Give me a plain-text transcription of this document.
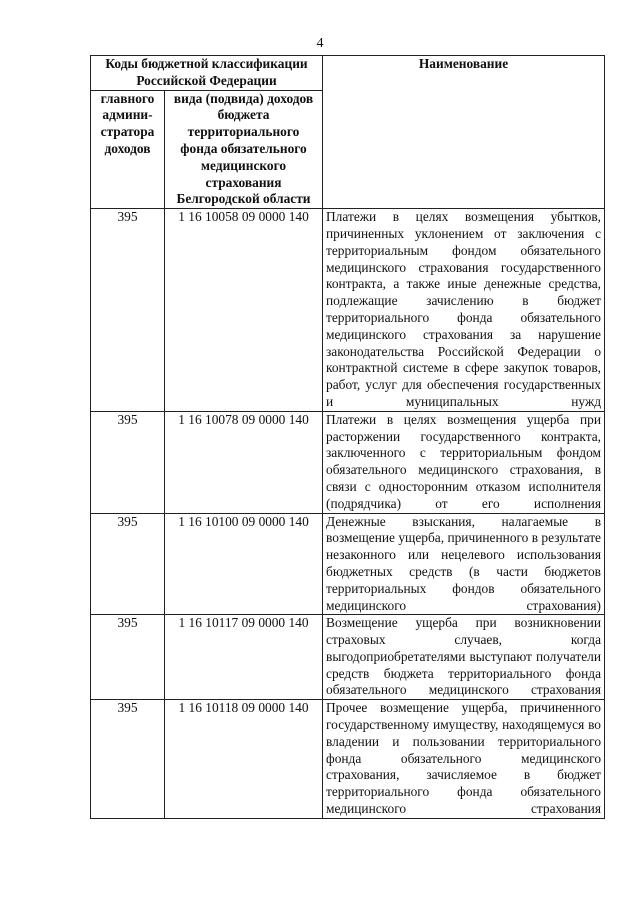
4
Коды бюджетной классификации Российской Федерации		Наименование
главного админи-стратора доходов	вида (подвида) доходов бюджета территориального фонда обязательного медицинского страхования Белгородской области	
395	1 16 10058 09 0000 140	Платежи в целях возмещения убытков, причиненных уклонением от заключения с территориальным фондом обязательного медицинского страхования государственного контракта, а также иные денежные средства, подлежащие зачислению в бюджет территориального фонда обязательного медицинского страхования за нарушение законодательства Российской Федерации о контрактной системе в сфере закупок товаров, работ, услуг для обеспечения государственных и муниципальных нужд

395	1 16 10078 09 0000 140	Платежи в целях возмещения ущерба при расторжении государственного контракта, заключенного с территориальным фондом обязательного медицинского страхования, в связи с односторонним отказом исполнителя (подрядчика) от его исполнения

395	1 16 10100 09 0000 140	Денежные взыскания, налагаемые в возмещение ущерба, причиненного в результате незаконного или нецелевого использования бюджетных средств (в части бюджетов территориальных фондов обязательного медицинского страхования)

395	1 16 10117 09 0000 140	Возмещение ущерба при возникновении страховых случаев, когда выгодоприобретателями выступают получатели средств бюджета территориального фонда обязательного медицинского страхования

395	1 16 10118 09 0000 140	Прочее возмещение ущерба, причиненного государственному имуществу, находящемуся во владении и пользовании территориального фонда обязательного медицинского страхования, зачисляемое в бюджет территориального фонда обязательного медицинского страхования
